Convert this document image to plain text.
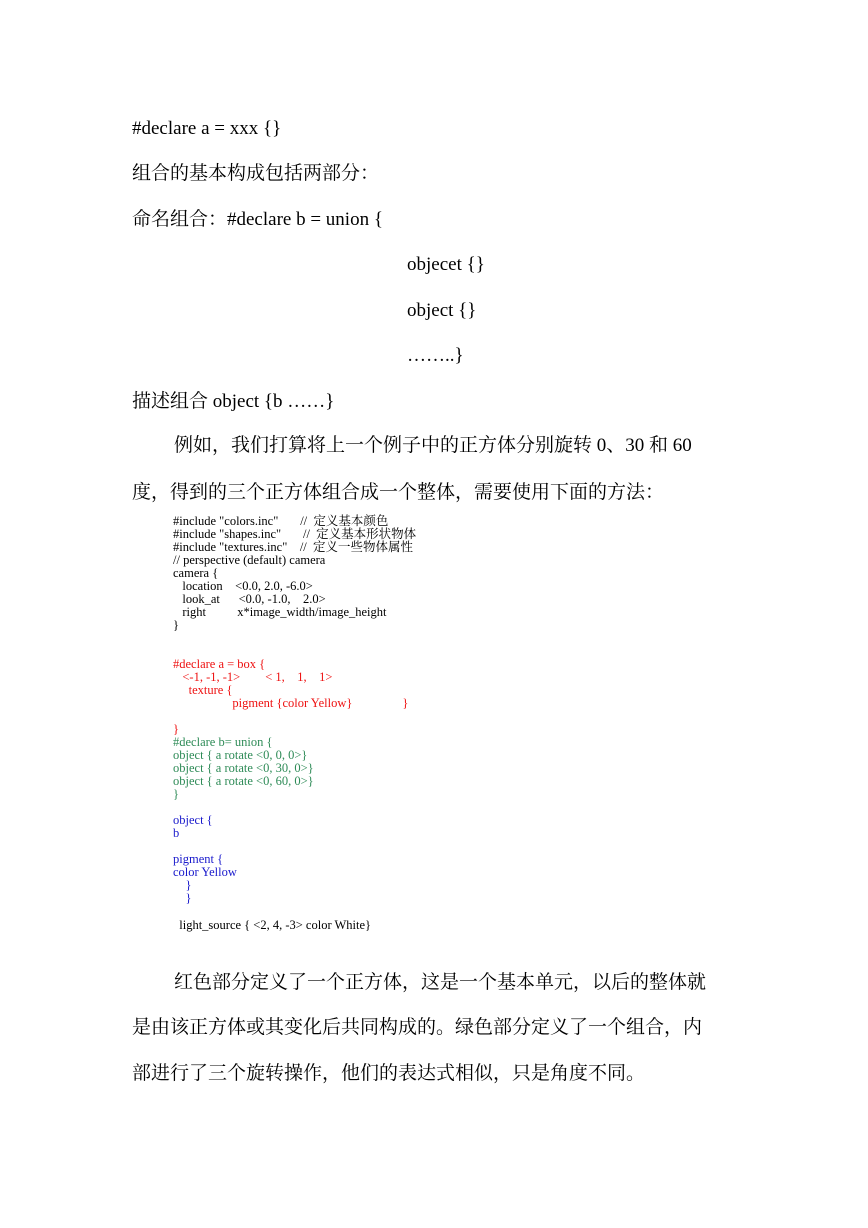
#declare a = xxx {}
组合的基本构成包括两部分：
命名组合：#declare b = union {
objecet {}
object {}
……..}
描述组合 object {b ……}
例如，我们打算将上一个例子中的正方体分别旋转 0、30 和 60
度，得到的三个正方体组合成一个整体，需要使用下面的方法：
#include "colors.inc"       //  定义基本颜色
#include "shapes.inc"       //  定义基本形状物体
#include "textures.inc"    //  定义一些物体属性
// perspective (default) camera
camera {
location    <0.0, 2.0, -6.0>
look_at      <0.0, -1.0,    2.0>
right          x*image_width/image_height
}
#declare a = box {
<-1, -1, -1>        < 1,    1,    1>
texture {
pigment {color Yellow}                }
}
#declare b= union {
object { a rotate <0, 0, 0>}
object { a rotate <0, 30, 0>}
object { a rotate <0, 60, 0>}
}
object {
b
pigment {
color Yellow
}
}
light_source { <2, 4, -3> color White}
红色部分定义了一个正方体，这是一个基本单元，以后的整体就
是由该正方体或其变化后共同构成的。绿色部分定义了一个组合，内
部进行了三个旋转操作，他们的表达式相似，只是角度不同。
